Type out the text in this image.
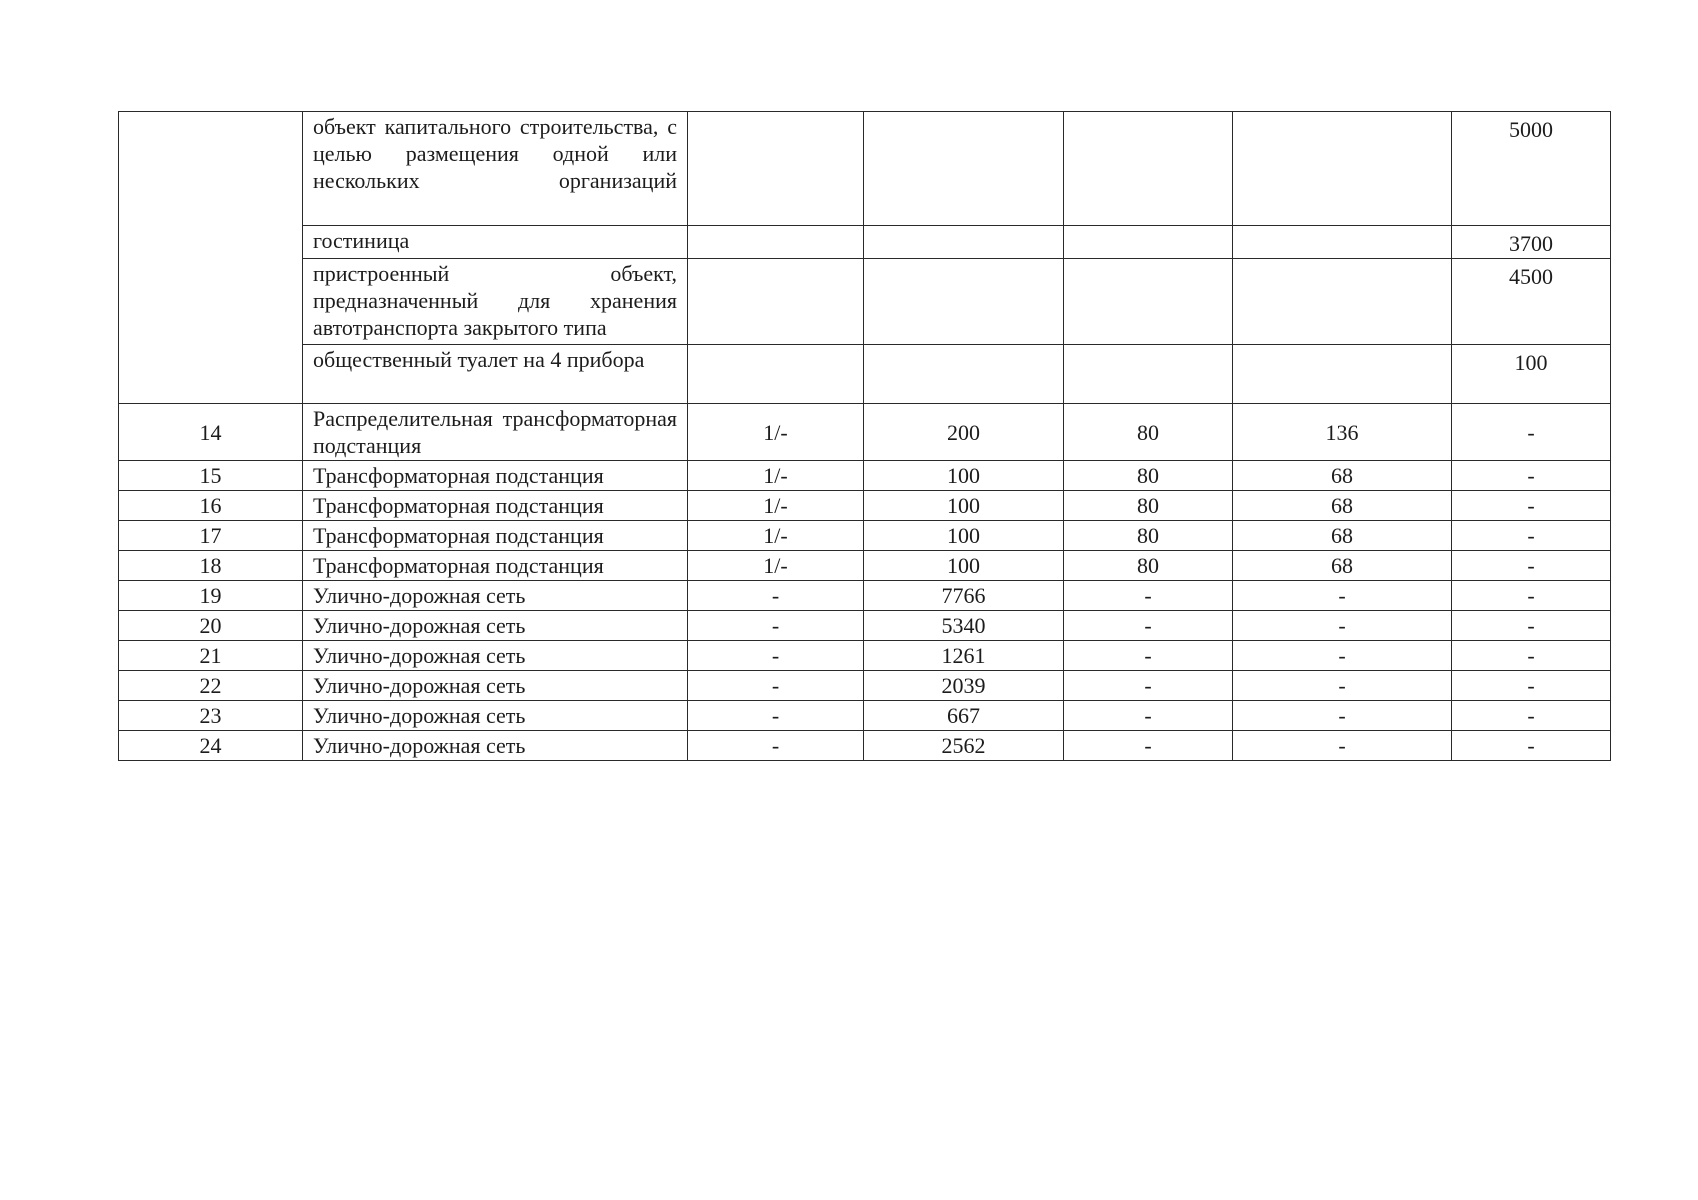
	объект капитального строительства, с целью размещения одной или нескольких организаций					5000
	гостиница					3700
	пристроенный объект, предназначенный для хранения автотранспорта закрытого типа					4500
	общественный туалет на 4 прибора					100
14	Распределительная трансформаторная подстанция	1/-	200	80	136	-
15	Трансформаторная подстанция	1/-	100	80	68	-
16	Трансформаторная подстанция	1/-	100	80	68	-
17	Трансформаторная подстанция	1/-	100	80	68	-
18	Трансформаторная подстанция	1/-	100	80	68	-
19	Улично-дорожная сеть	-	7766	-	-	-
20	Улично-дорожная сеть	-	5340	-	-	-
21	Улично-дорожная сеть	-	1261	-	-	-
22	Улично-дорожная сеть	-	2039	-	-	-
23	Улично-дорожная сеть	-	667	-	-	-
24	Улично-дорожная сеть	-	2562	-	-	-
